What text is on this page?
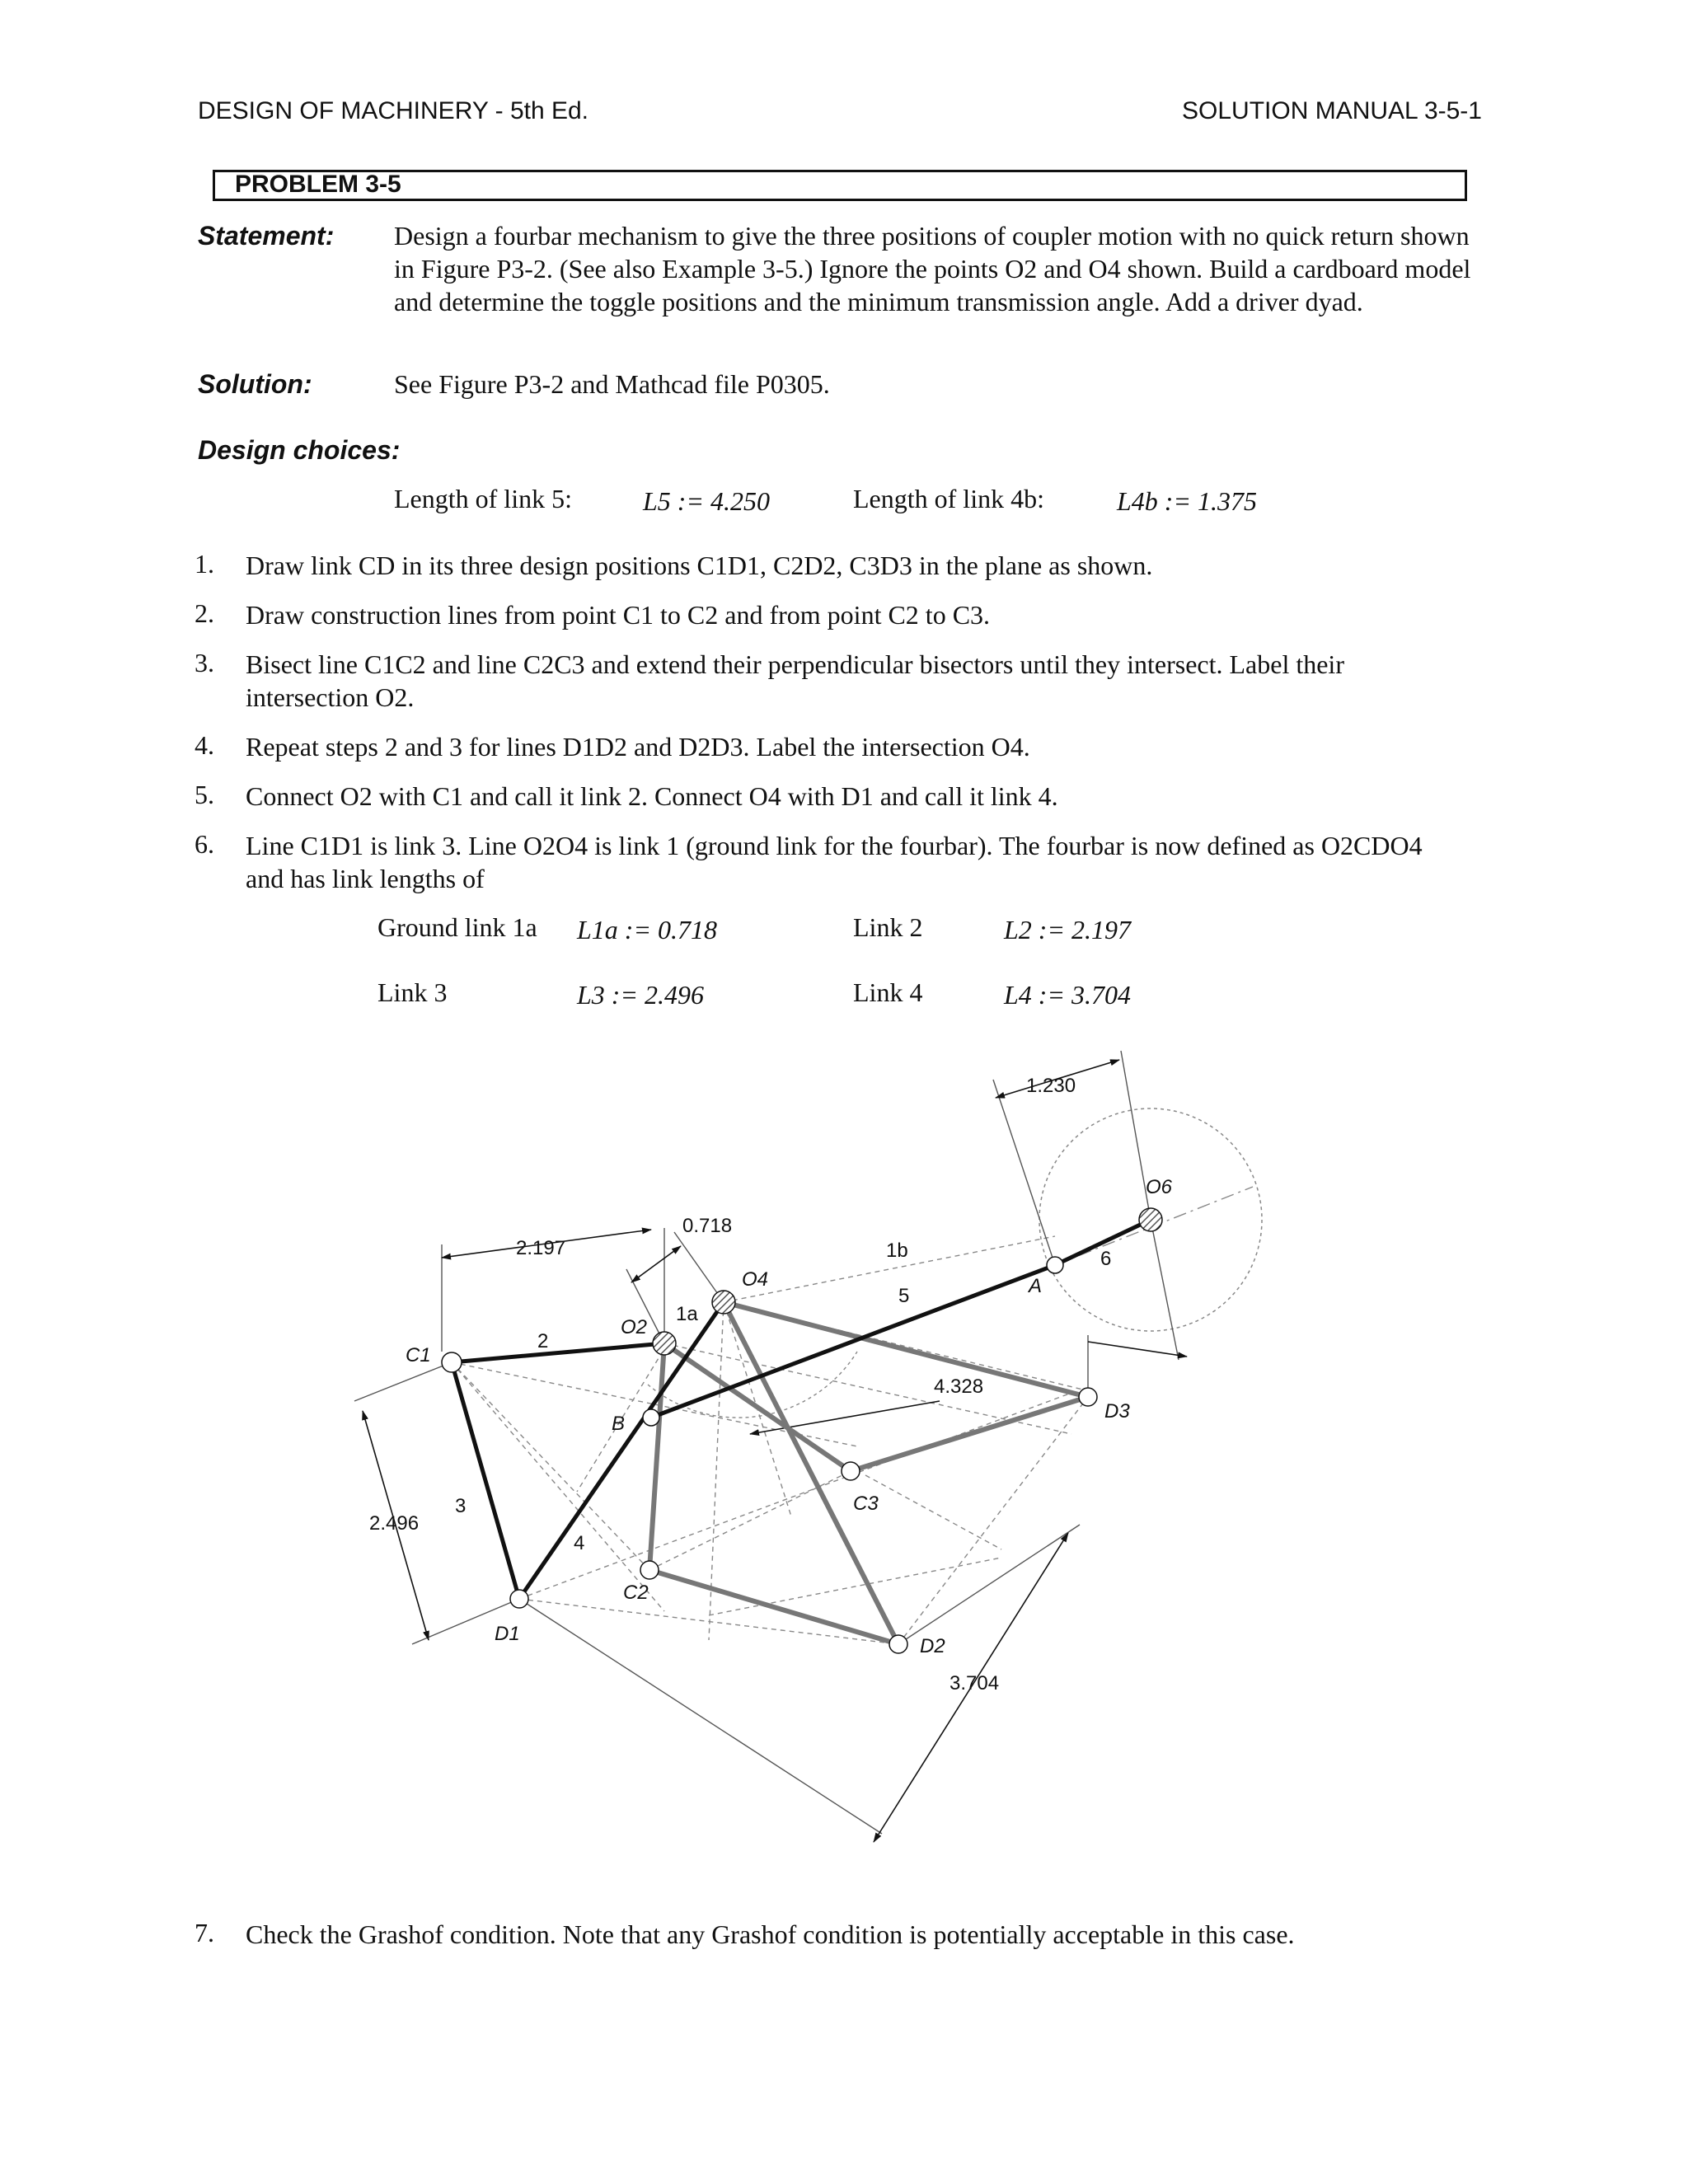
DESIGN OF MACHINERY - 5th Ed.	SOLUTION MANUAL 3-5-1
PROBLEM 3-5
Statement: Design a fourbar mechanism to give the three positions of coupler motion with no quick return shown in Figure P3-2. (See also Example 3-5.) Ignore the points O2 and O4 shown. Build a cardboard model and determine the toggle positions and the minimum transmission angle. Add a driver dyad.
Solution:	See Figure P3-2 and Mathcad file P0305.
Design choices:
Length of link 5:	L5 := 4.250	Length of link 4b:	L4b := 1.375
1. Draw link CD in its three design positions C1D1, C2D2, C3D3 in the plane as shown.
2. Draw construction lines from point C1 to C2 and from point C2 to C3.
3. Bisect line C1C2 and line C2C3 and extend their perpendicular bisectors until they intersect. Label their intersection O2.
4. Repeat steps 2 and 3 for lines D1D2 and D2D3. Label the intersection O4.
5. Connect O2 with C1 and call it link 2. Connect O4 with D1 and call it link 4.
6. Line C1D1 is link 3. Line O2O4 is link 1 (ground link for the fourbar). The fourbar is now defined as O2CDO4 and has link lengths of
Ground link 1a L1a := 0.718	Link 2	L2 := 2.197
Link 3	L3 := 2.496	Link 4	L4 := 3.704
1.230
0.718
2.197
4.328
2.496
3.704
O6
O4
O2
1b
1a
5
6
A
B
2
3
4
C1
C2
C3
D1
D2
D3
7. Check the Grashof condition. Note that any Grashof condition is potentially acceptable in this case.
